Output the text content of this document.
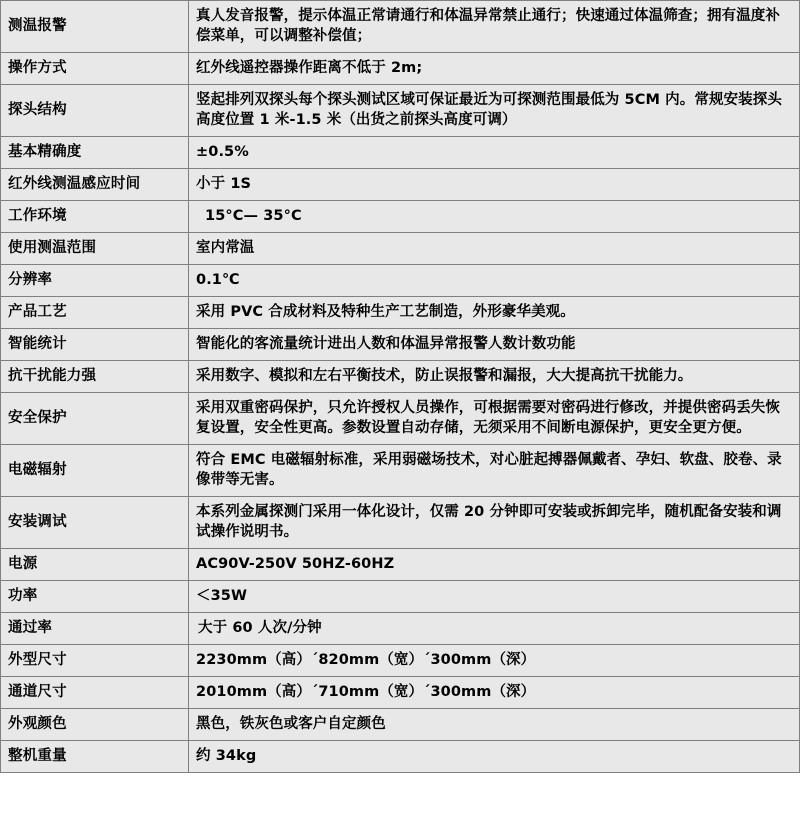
测温报警	真人发音报警，提示体温正常请通行和体温异常禁止通行；快速通过体温筛查；拥有温度补偿菜单，可以调整补偿值；
操作方式	红外线遥控器操作距离不低于 2m;
探头结构	竖起排列双探头每个探头测试区域可保证最近为可探测范围最低为 5CM 内。常规安装探头高度位置 1 米-1.5 米（出货之前探头高度可调）
基本精确度	±0.5%
红外线测温感应时间	小于 1S
工作环境	15°C— 35°C
使用测温范围	室内常温
分辨率	0.1℃
产品工艺	采用 PVC 合成材料及特种生产工艺制造，外形豪华美观。
智能统计	智能化的客流量统计进出人数和体温异常报警人数计数功能
抗干扰能力强	采用数字、模拟和左右平衡技术，防止误报警和漏报，大大提高抗干扰能力。
安全保护	采用双重密码保护，只允许授权人员操作，可根据需要对密码进行修改，并提供密码丢失恢复设置，安全性更高。参数设置自动存储，无须采用不间断电源保护，更安全更方便。
电磁辐射	符合 EMC 电磁辐射标准，采用弱磁场技术，对心脏起搏器佩戴者、孕妇、软盘、胶卷、录像带等无害。
安装调试	本系列金属探测门采用一体化设计，仅需 20 分钟即可安装或拆卸完毕，随机配备安装和调试操作说明书。
电源	AC90V-250V 50HZ-60HZ
功率	＜35W
通过率	大于 60 人次/分钟
外型尺寸	2230mm（高）´820mm（宽）´300mm（深）
通道尺寸	2010mm（高）´710mm（宽）´300mm（深）
外观颜色	黑色，铁灰色或客户自定颜色
整机重量	约 34kg
